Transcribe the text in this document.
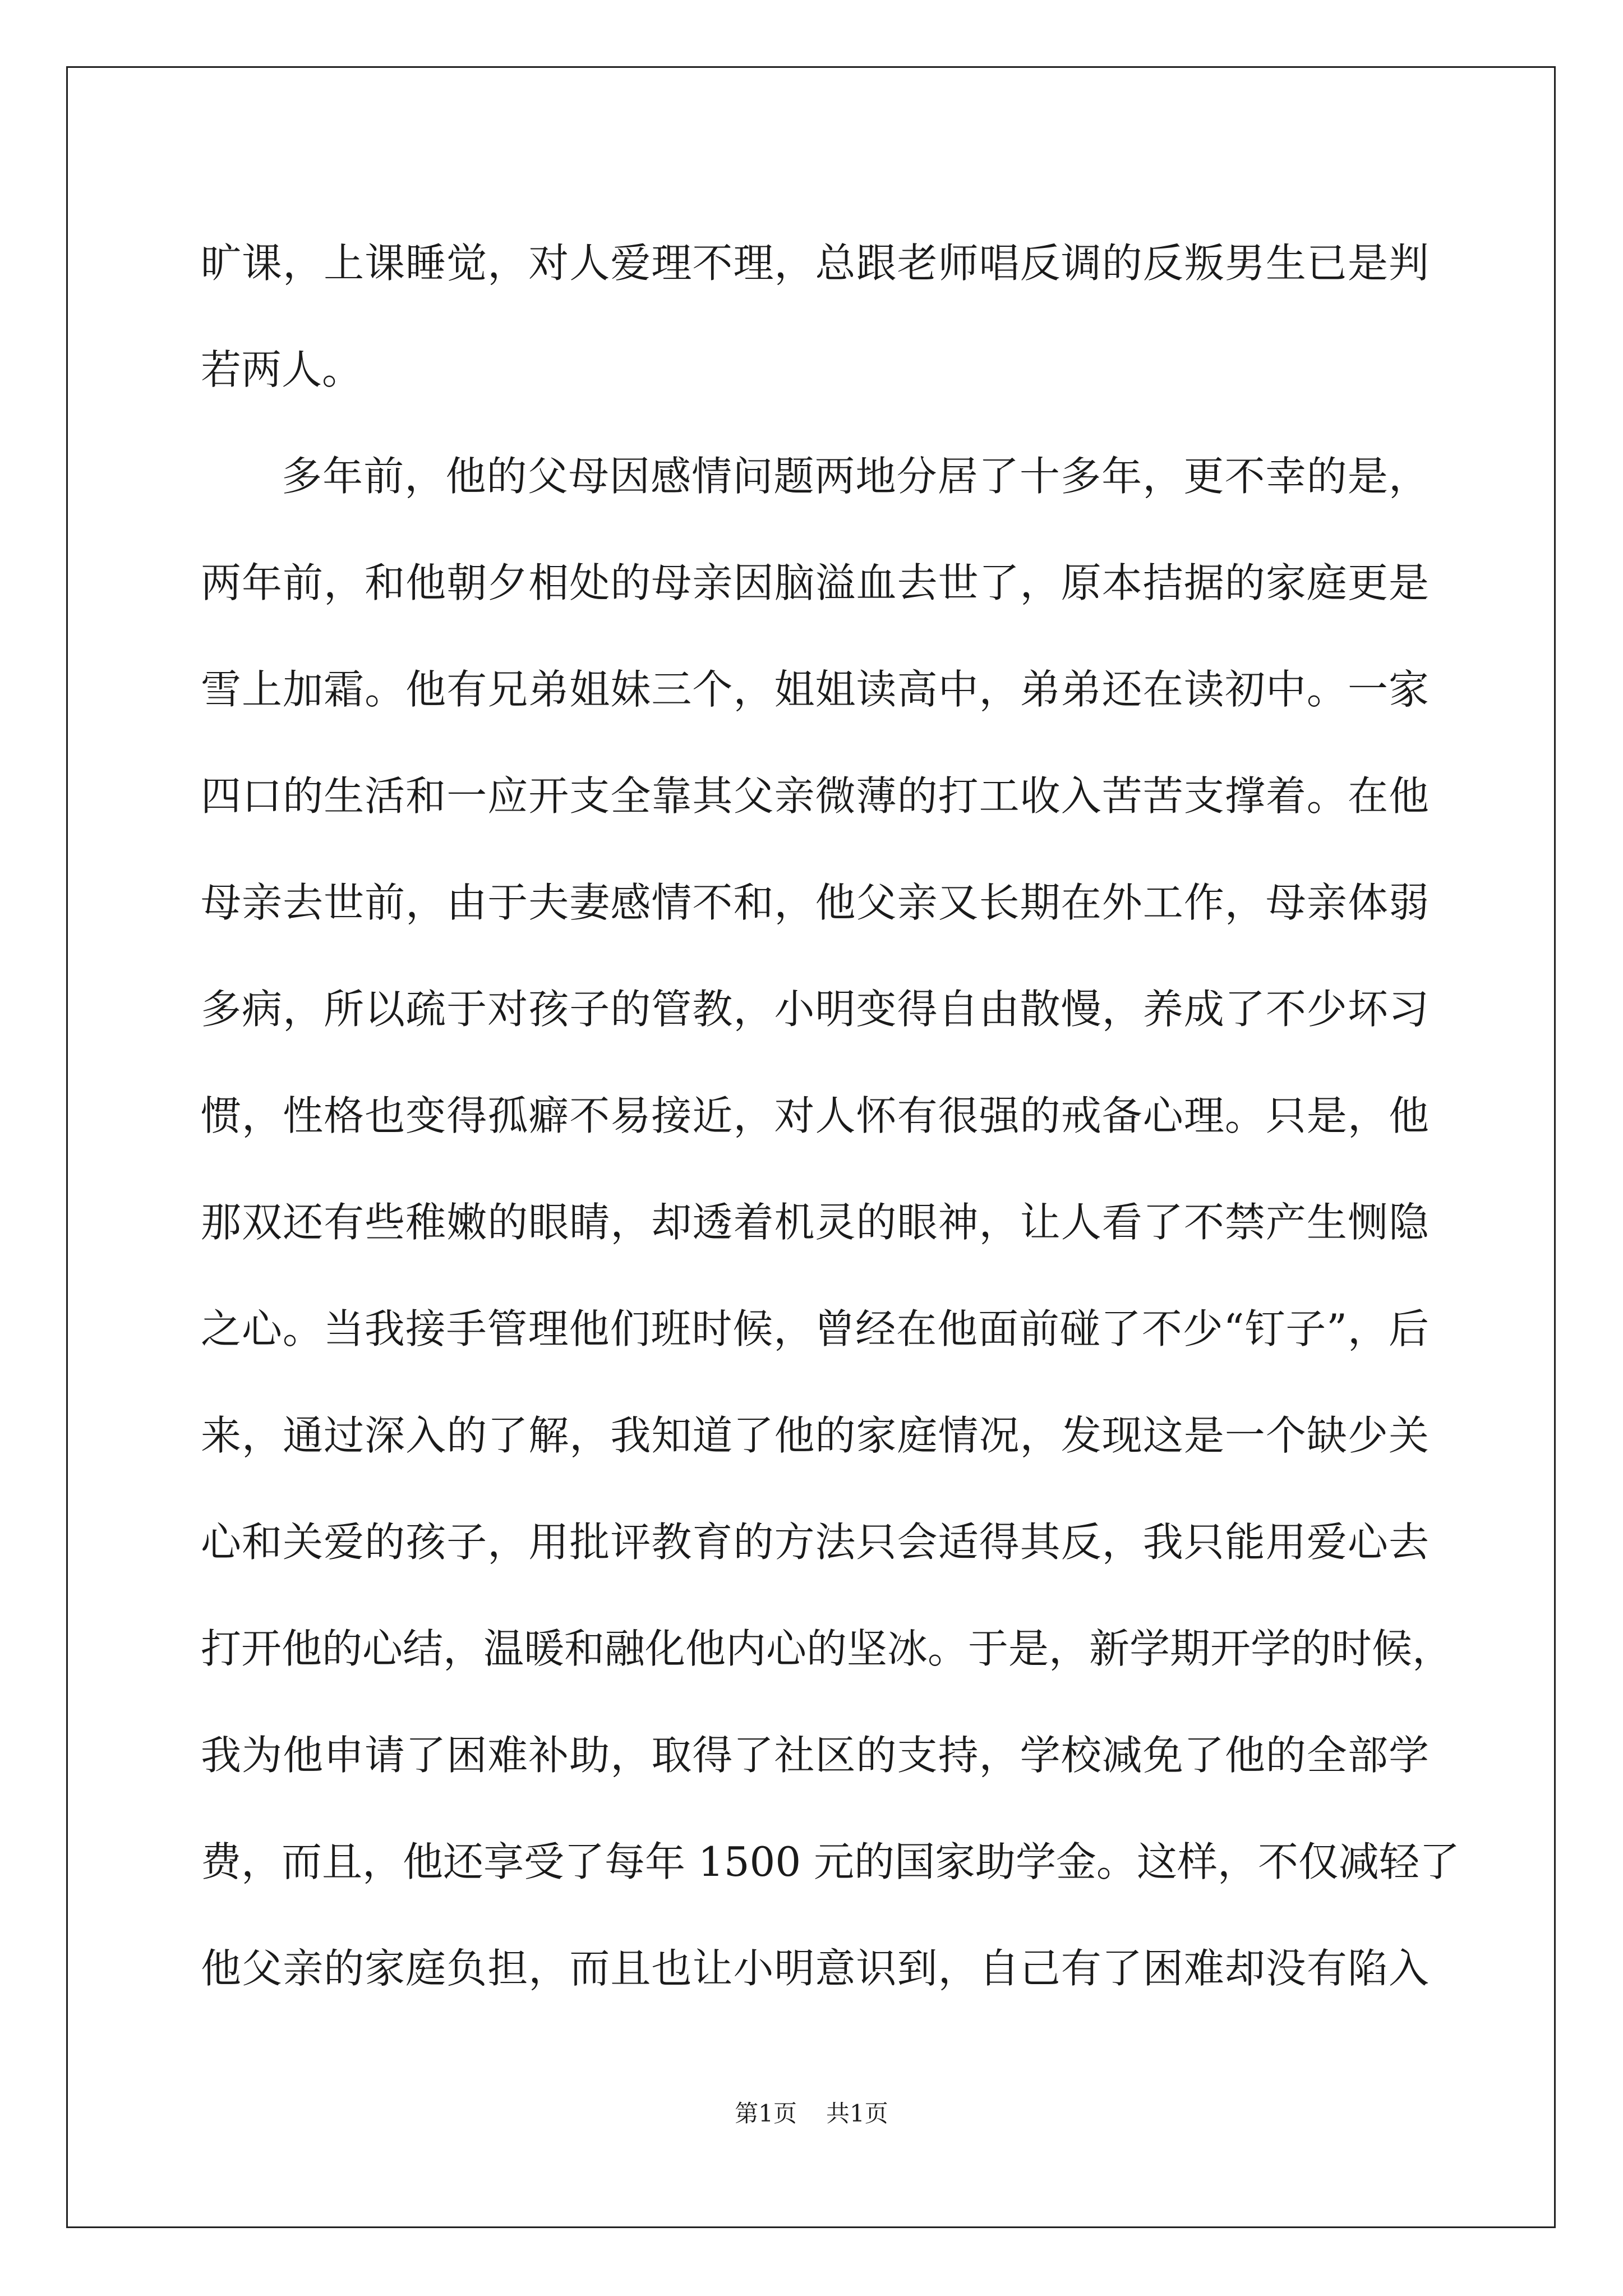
旷课，上课睡觉，对人爱理不理，总跟老师唱反调的反叛男生已是判
若两人。
多年前，他的父母因感情问题两地分居了十多年，更不幸的是，
两年前，和他朝夕相处的母亲因脑溢血去世了，原本拮据的家庭更是
雪上加霜。他有兄弟姐妹三个，姐姐读高中，弟弟还在读初中。一家
四口的生活和一应开支全靠其父亲微薄的打工收入苦苦支撑着。在他
母亲去世前，由于夫妻感情不和，他父亲又长期在外工作，母亲体弱
多病，所以疏于对孩子的管教，小明变得自由散慢，养成了不少坏习
惯，性格也变得孤癖不易接近，对人怀有很强的戒备心理。只是，他
那双还有些稚嫩的眼睛，却透着机灵的眼神，让人看了不禁产生恻隐
之心。当我接手管理他们班时候，曾经在他面前碰了不少“钉子”，后
来，通过深入的了解，我知道了他的家庭情况，发现这是一个缺少关
心和关爱的孩子，用批评教育的方法只会适得其反，我只能用爱心去
打开他的心结，温暖和融化他内心的坚冰。于是，新学期开学的时候，
我为他申请了困难补助，取得了社区的支持，学校减免了他的全部学
费，而且，他还享受了每年 1500 元的国家助学金。这样，不仅减轻了
他父亲的家庭负担，而且也让小明意识到，自己有了困难却没有陷入
第1页 共1页
